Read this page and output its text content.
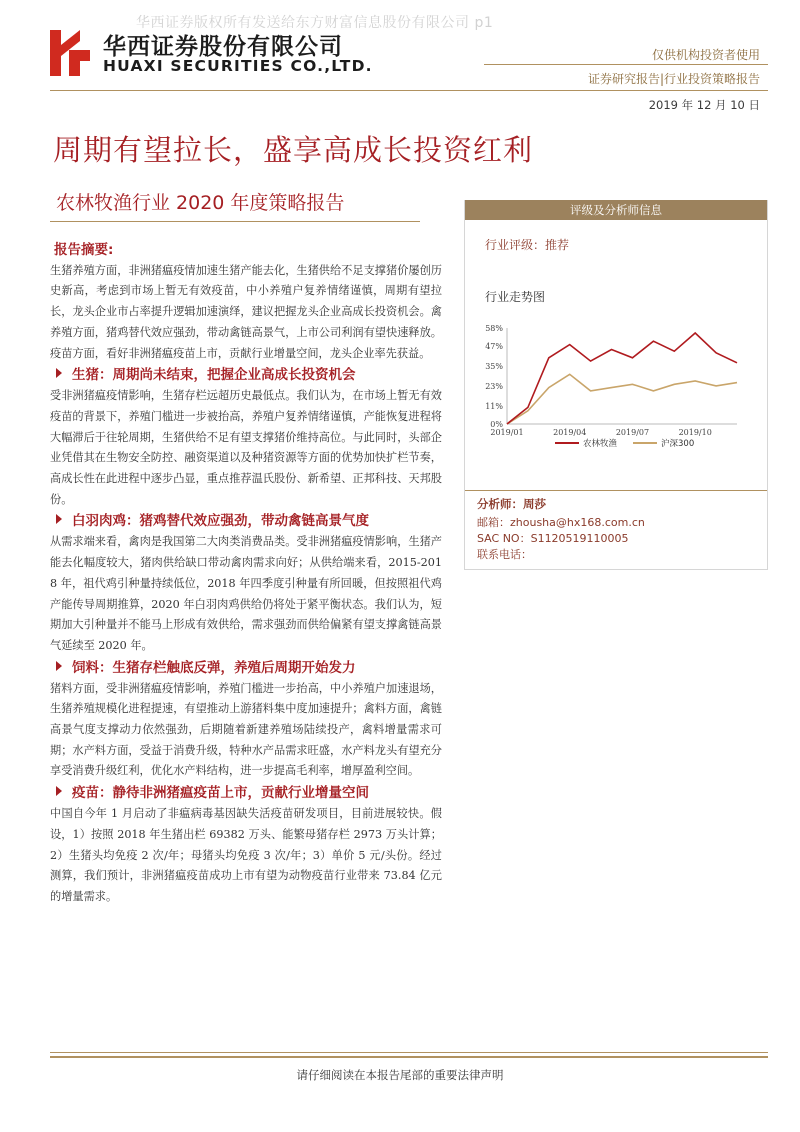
华西证券版权所有发送给东方财富信息股份有限公司 p1
华西证券股份有限公司
HUAXI SECURITIES CO.,LTD.
仅供机构投资者使用
证券研究报告|行业投资策略报告
2019 年 12 月 10 日
周期有望拉长，盛享高成长投资红利
农林牧渔行业 2020 年度策略报告
报告摘要:
生猪养殖方面，非洲猪瘟疫情加速生猪产能去化，生猪供给不足支撑猪价屡创历史新高，考虑到市场上暂无有效疫苗，中小养殖户复养情绪谨慎，周期有望拉长，龙头企业市占率提升逻辑加速演绎，建议把握龙头企业高成长投资机会。禽养殖方面，猪鸡替代效应强劲，带动禽链高景气，上市公司利润有望快速释放。疫苗方面，看好非洲猪瘟疫苗上市，贡献行业增量空间，龙头企业率先获益。
生猪：周期尚未结束，把握企业高成长投资机会
受非洲猪瘟疫情影响，生猪存栏远超历史最低点。我们认为，在市场上暂无有效疫苗的背景下，养殖门槛进一步被抬高，养殖户复养情绪谨慎，产能恢复进程将大幅滞后于往轮周期，生猪供给不足有望支撑猪价维持高位。与此同时，头部企业凭借其在生物安全防控、融资渠道以及种猪资源等方面的优势加快扩栏节奏，高成长性在此进程中逐步凸显，重点推荐温氏股份、新希望、正邦科技、天邦股份。
白羽肉鸡：猪鸡替代效应强劲，带动禽链高景气度
从需求端来看，禽肉是我国第二大肉类消费品类。受非洲猪瘟疫情影响，生猪产能去化幅度较大，猪肉供给缺口带动禽肉需求向好；从供给端来看，2015-2018 年，祖代鸡引种量持续低位，2018 年四季度引种量有所回暖，但按照祖代鸡产能传导周期推算，2020 年白羽肉鸡供给仍将处于紧平衡状态。我们认为，短期加大引种量并不能马上形成有效供给，需求强劲而供给偏紧有望支撑禽链高景气延续至 2020 年。
饲料：生猪存栏触底反弹，养殖后周期开始发力
猪料方面，受非洲猪瘟疫情影响，养殖门槛进一步抬高，中小养殖户加速退场，生猪养殖规模化进程提速，有望推动上游猪料集中度加速提升；禽料方面，禽链高景气度支撑动力依然强劲，后期随着新建养殖场陆续投产，禽料增量需求可期；水产料方面，受益于消费升级，特种水产品需求旺盛，水产料龙头有望充分享受消费升级红利，优化水产料结构，进一步提高毛利率，增厚盈利空间。
疫苗：静待非洲猪瘟疫苗上市，贡献行业增量空间
中国自今年 1 月启动了非瘟病毒基因缺失活疫苗研发项目，目前进展较快。假设，1）按照 2018 年生猪出栏 69382 万头、能繁母猪存栏 2973 万头计算；2）生猪头均免疫 2 次/年；母猪头均免疫 3 次/年；3）单价 5 元/头份。经过测算，我们预计，非洲猪瘟疫苗成功上市有望为动物疫苗行业带来 73.84 亿元的增量需求。
评级及分析师信息
行业评级：推荐
行业走势图
58%
47%
35%
23%
11%
0%
2019/01	2019/04	2019/07	2019/10
农林牧渔	沪深300
分析师：周莎
邮箱：zhousha@hx168.com.cn
SAC NO：S1120519110005
联系电话：
请仔细阅读在本报告尾部的重要法律声明
